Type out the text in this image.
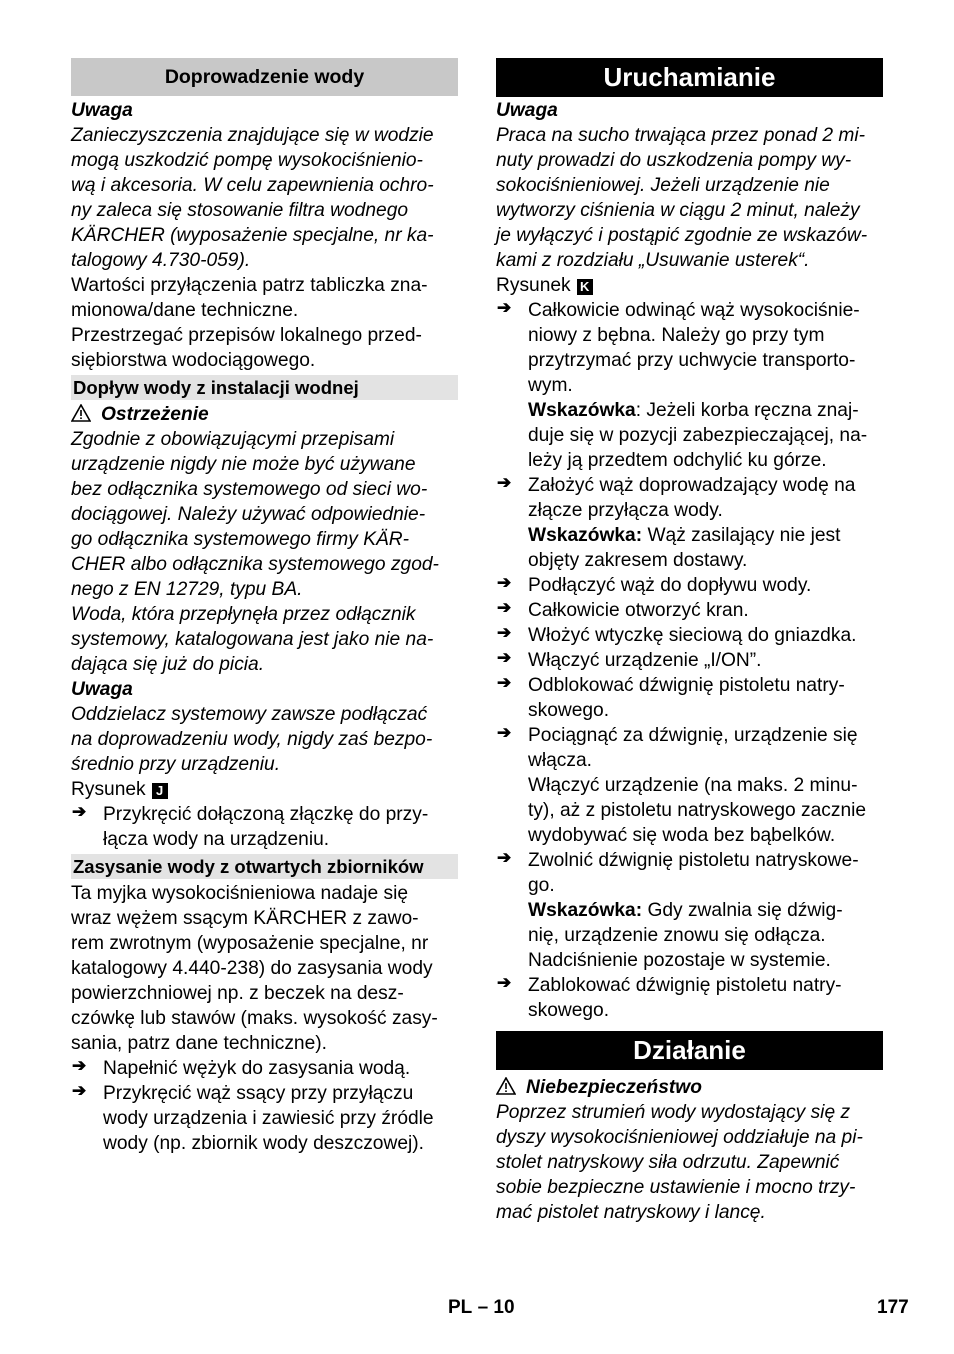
Doprowadzenie wody
Uwaga
Zanieczyszczenia znajdujące się w wodzie
mogą uszkodzić pompę wysokociśnienio-
wą i akcesoria. W celu zapewnienia ochro-
ny zaleca się stosowanie filtra wodnego
KÄRCHER (wyposażenie specjalne, nr ka-
talogowy 4.730-059).
Wartości przyłączenia patrz tabliczka zna-
mionowa/dane techniczne.
Przestrzegać przepisów lokalnego przed-
siębiorstwa wodociągowego.
Dopływ wody z instalacji wodnej
Ostrzeżenie
Zgodnie z obowiązującymi przepisami
urządzenie nigdy nie może być używane
bez odłącznika systemowego od sieci wo-
dociągowej. Należy używać odpowiednie-
go odłącznika systemowego firmy KÄR-
CHER albo odłącznika systemowego zgod-
nego z EN 12729, typu BA.
Woda, która przepłynęła przez odłącznik
systemowy, katalogowana jest jako nie na-
dająca się już do picia.
Uwaga
Oddzielacz systemowy zawsze podłączać
na doprowadzeniu wody, nigdy zaś bezpo-
średnio przy urządzeniu.
Rysunek J
➔ Przykręcić dołączoną złączkę do przy-
łącza wody na urządzeniu.
Zasysanie wody z otwartych zbiorników
Ta myjka wysokociśnieniowa nadaje się
wraz wężem ssącym KÄRCHER z zawo-
rem zwrotnym (wyposażenie specjalne, nr
katalogowy 4.440-238) do zasysania wody
powierzchniowej np. z beczek na desz-
czówkę lub stawów (maks. wysokość zasy-
sania, patrz dane techniczne).
➔ Napełnić wężyk do zasysania wodą.
➔ Przykręcić wąż ssący przy przyłączu
wody urządzenia i zawiesić przy źródle
wody (np. zbiornik wody deszczowej).
Uruchamianie
Uwaga
Praca na sucho trwająca przez ponad 2 mi-
nuty prowadzi do uszkodzenia pompy wy-
sokociśnieniowej. Jeżeli urządzenie nie
wytworzy ciśnienia w ciągu 2 minut, należy
je wyłączyć i postąpić zgodnie ze wskazów-
kami z rozdziału „Usuwanie usterek“.
Rysunek K
➔ Całkowicie odwinąć wąż wysokociśnie-
niowy z bębna. Należy go przy tym
przytrzymać przy uchwycie transporto-
wym.
Wskazówka: Jeżeli korba ręczna znaj-
duje się w pozycji zabezpieczającej, na-
leży ją przedtem odchylić ku górze.
➔ Założyć wąż doprowadzający wodę na
złącze przyłącza wody.
Wskazówka: Wąż zasilający nie jest
objęty zakresem dostawy.
➔ Podłączyć wąż do dopływu wody.
➔ Całkowicie otworzyć kran.
➔ Włożyć wtyczkę sieciową do gniazdka.
➔ Włączyć urządzenie „I/ON”.
➔ Odblokować dźwignię pistoletu natry-
skowego.
➔ Pociągnąć za dźwignię, urządzenie się
włącza.
Włączyć urządzenie (na maks. 2 minu-
ty), aż z pistoletu natryskowego zacznie
wydobywać się woda bez bąbelków.
➔ Zwolnić dźwignię pistoletu natryskowe-
go.
Wskazówka: Gdy zwalnia się dźwig-
nię, urządzenie znowu się odłącza.
Nadciśnienie pozostaje w systemie.
➔ Zablokować dźwignię pistoletu natry-
skowego.
Działanie
Niebezpieczeństwo
Poprzez strumień wody wydostający się z
dyszy wysokociśnieniowej oddziałuje na pi-
stolet natryskowy siła odrzutu. Zapewnić
sobie bezpieczne ustawienie i mocno trzy-
mać pistolet natryskowy i lancę.
PL – 10	177
